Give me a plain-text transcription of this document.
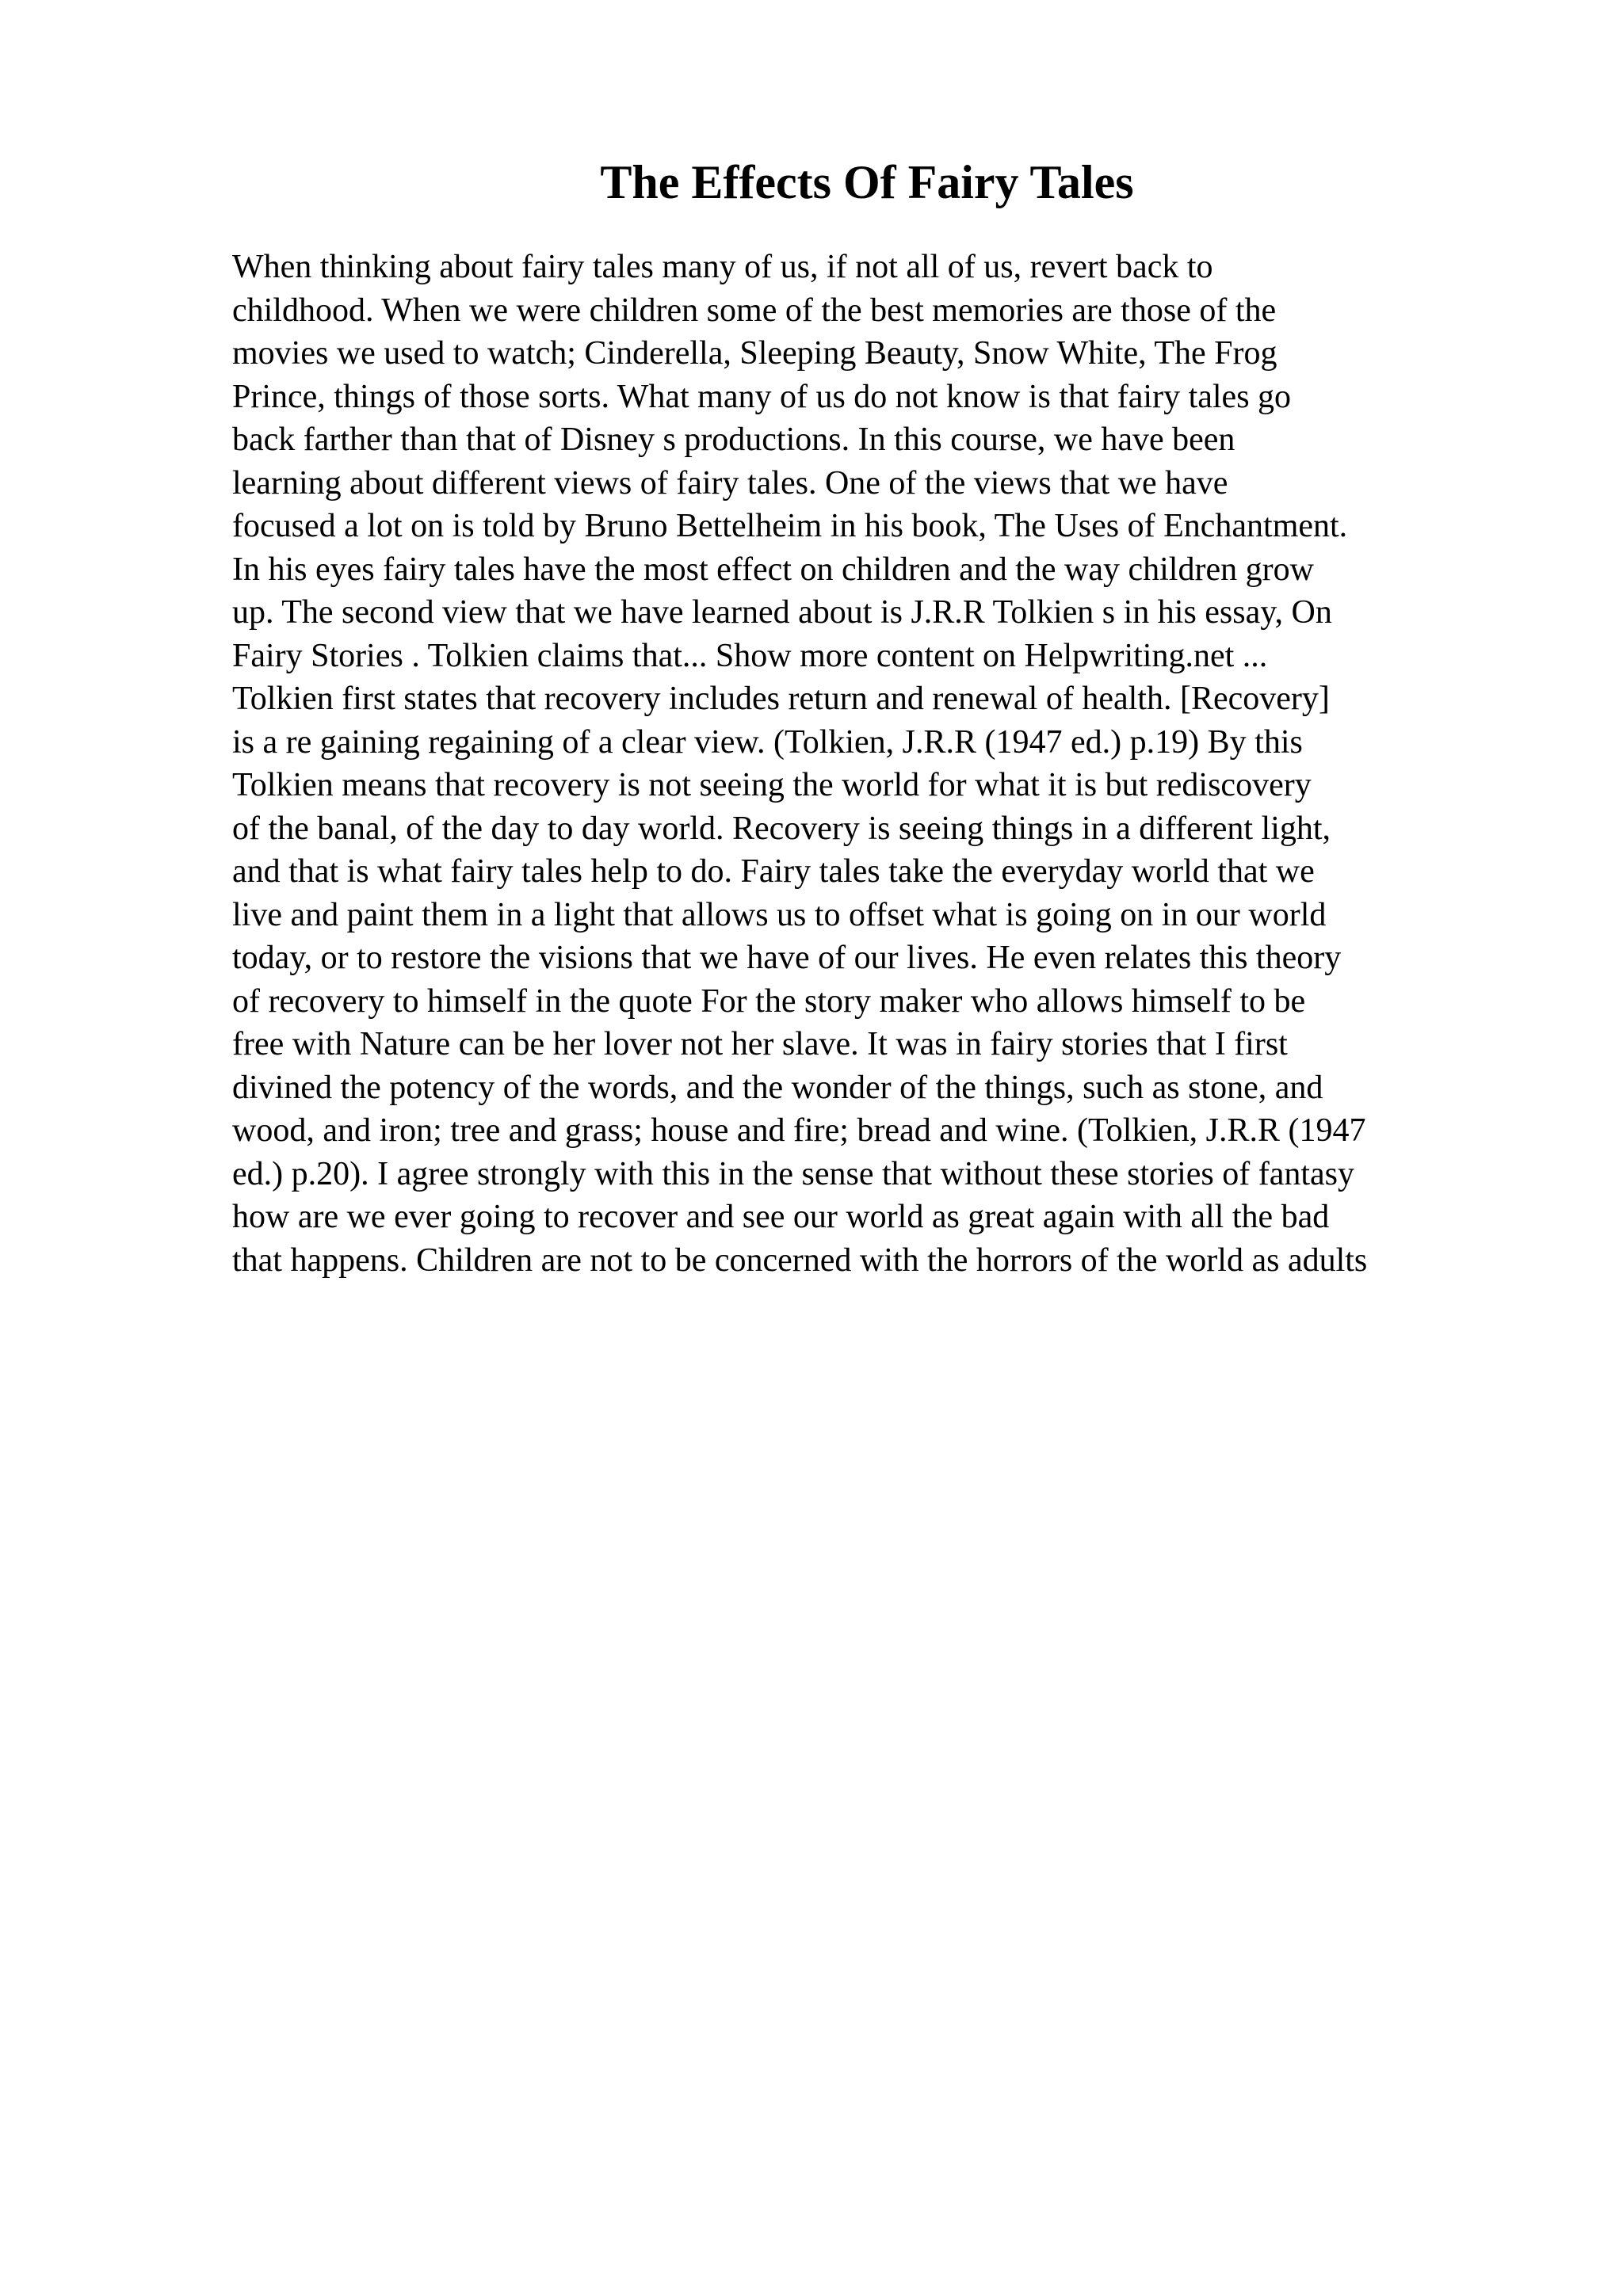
The Effects Of Fairy Tales

When thinking about fairy tales many of us, if not all of us, revert back to
childhood. When we were children some of the best memories are those of the
movies we used to watch; Cinderella, Sleeping Beauty, Snow White, The Frog
Prince, things of those sorts. What many of us do not know is that fairy tales go
back farther than that of Disney s productions. In this course, we have been
learning about different views of fairy tales. One of the views that we have
focused a lot on is told by Bruno Bettelheim in his book, The Uses of Enchantment.
In his eyes fairy tales have the most effect on children and the way children grow
up. The second view that we have learned about is J.R.R Tolkien s in his essay, On
Fairy Stories . Tolkien claims that... Show more content on Helpwriting.net ...
Tolkien first states that recovery includes return and renewal of health. [Recovery]
is a re gaining regaining of a clear view. (Tolkien, J.R.R (1947 ed.) p.19) By this
Tolkien means that recovery is not seeing the world for what it is but rediscovery
of the banal, of the day to day world. Recovery is seeing things in a different light,
and that is what fairy tales help to do. Fairy tales take the everyday world that we
live and paint them in a light that allows us to offset what is going on in our world
today, or to restore the visions that we have of our lives. He even relates this theory
of recovery to himself in the quote For the story maker who allows himself to be
free with Nature can be her lover not her slave. It was in fairy stories that I first
divined the potency of the words, and the wonder of the things, such as stone, and
wood, and iron; tree and grass; house and fire; bread and wine. (Tolkien, J.R.R (1947
ed.) p.20). I agree strongly with this in the sense that without these stories of fantasy
how are we ever going to recover and see our world as great again with all the bad
that happens. Children are not to be concerned with the horrors of the world as adults
